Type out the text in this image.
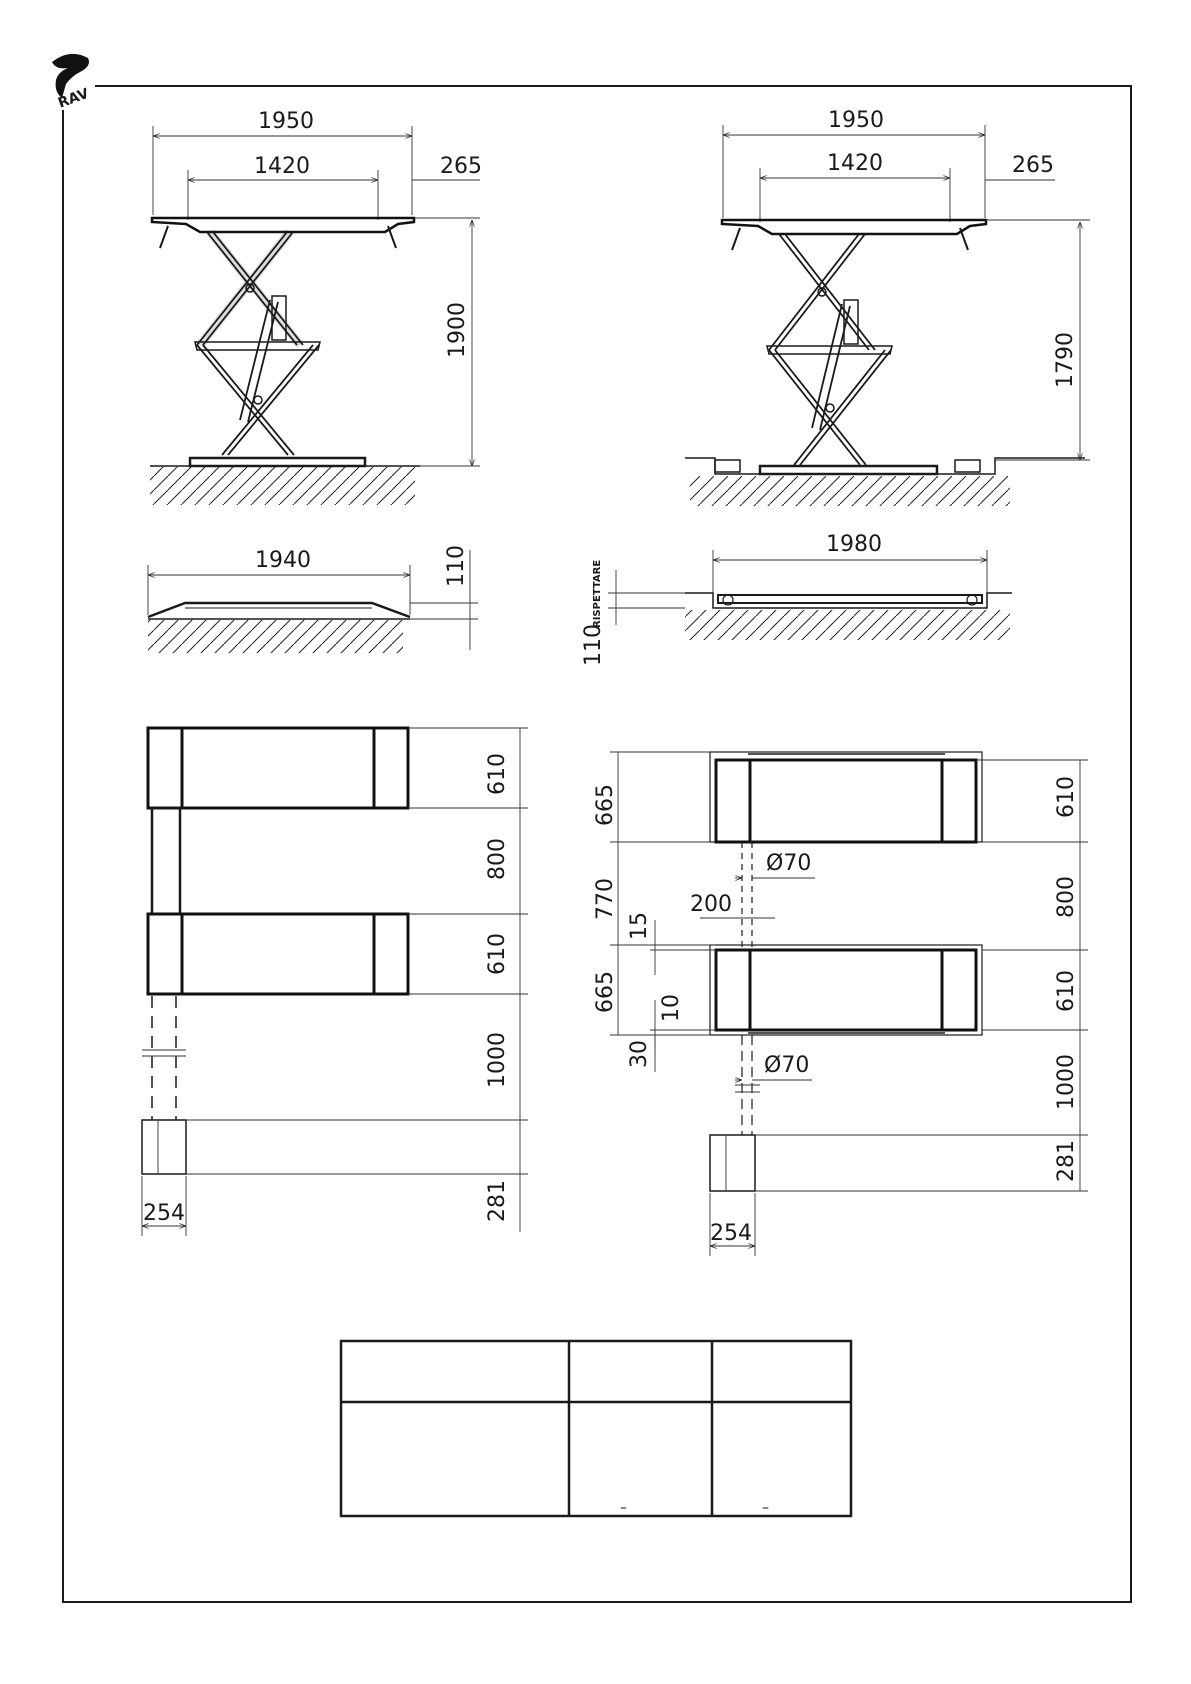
RAV
1950
1420	265
1900
1950
1420	265
1790
1940	110
1980
110
RISPETTARE
610
800
610
1000
281
254
Ø70
200
Ø70
665
770
665
15
10
30
610
800
610
1000
281
254
–	–
